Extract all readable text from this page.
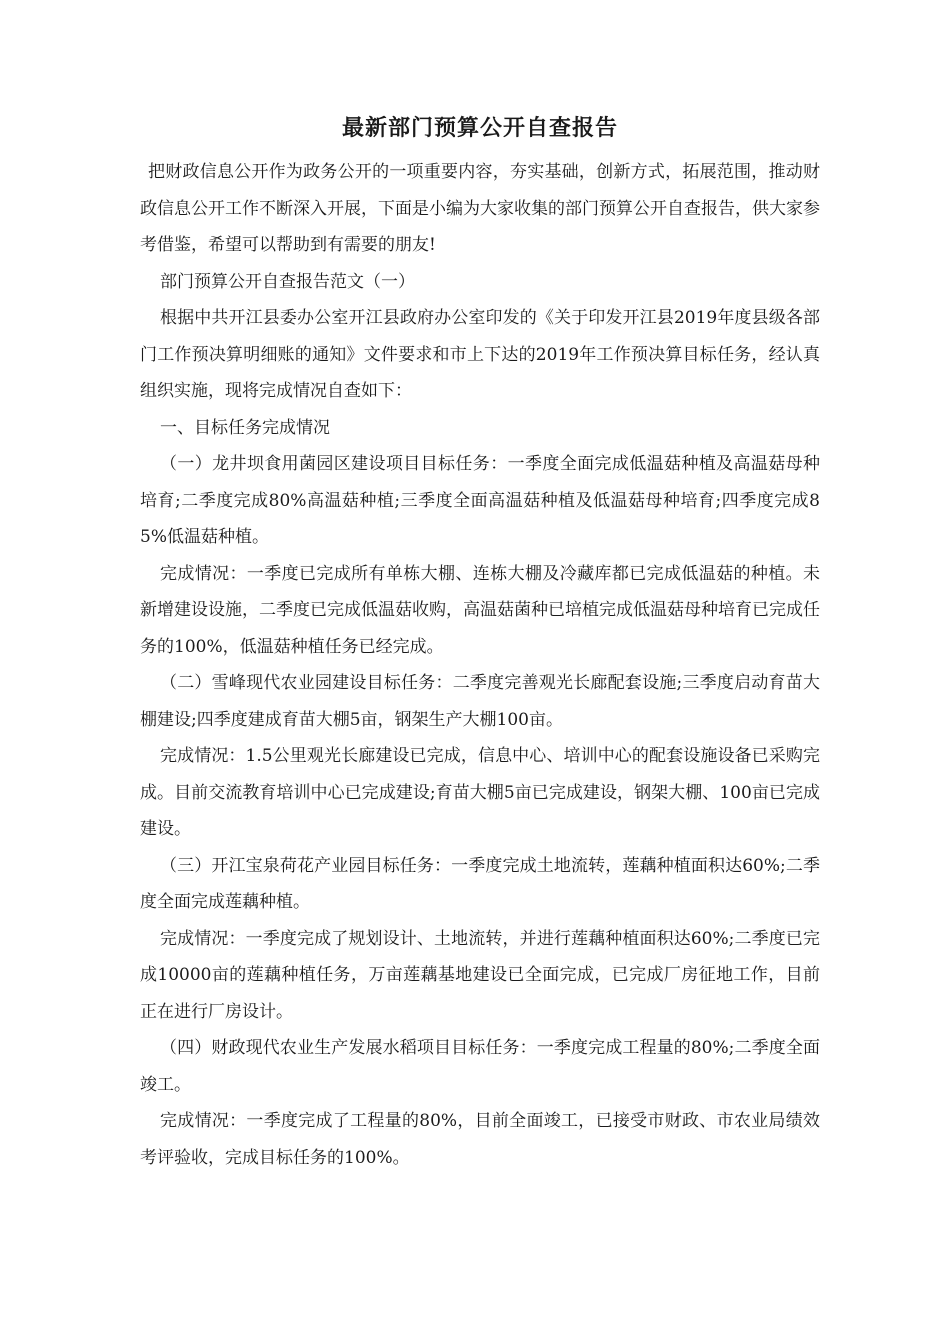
最新部门预算公开自查报告

把财政信息公开作为政务公开的一项重要内容，夯实基础，创新方式，拓展范围，推动财政信息公开工作不断深入开展，下面是小编为大家收集的部门预算公开自查报告，供大家参考借鉴，希望可以帮助到有需要的朋友!

部门预算公开自查报告范文（一）

根据中共开江县委办公室开江县政府办公室印发的《关于印发开江县2019年度县级各部门工作预决算明细账的通知》文件要求和市上下达的2019年工作预决算目标任务，经认真组织实施，现将完成情况自查如下：

一、目标任务完成情况

（一）龙井坝食用菌园区建设项目目标任务：一季度全面完成低温菇种植及高温菇母种培育;二季度完成80%高温菇种植;三季度全面高温菇种植及低温菇母种培育;四季度完成85%低温菇种植。

完成情况：一季度已完成所有单栋大棚、连栋大棚及冷藏库都已完成低温菇的种植。未新增建设设施，二季度已完成低温菇收购，高温菇菌种已培植完成低温菇母种培育已完成任务的100%，低温菇种植任务已经完成。

（二）雪峰现代农业园建设目标任务：二季度完善观光长廊配套设施;三季度启动育苗大棚建设;四季度建成育苗大棚5亩，钢架生产大棚100亩。

完成情况：1.5公里观光长廊建设已完成，信息中心、培训中心的配套设施设备已采购完成。目前交流教育培训中心已完成建设;育苗大棚5亩已完成建设，钢架大棚、100亩已完成建设。

（三）开江宝泉荷花产业园目标任务：一季度完成土地流转，莲藕种植面积达60%;二季度全面完成莲藕种植。

完成情况：一季度完成了规划设计、土地流转，并进行莲藕种植面积达60%;二季度已完成10000亩的莲藕种植任务，万亩莲藕基地建设已全面完成，已完成厂房征地工作，目前正在进行厂房设计。

（四）财政现代农业生产发展水稻项目目标任务：一季度完成工程量的80%;二季度全面竣工。

完成情况：一季度完成了工程量的80%，目前全面竣工，已接受市财政、市农业局绩效考评验收，完成目标任务的100%。
